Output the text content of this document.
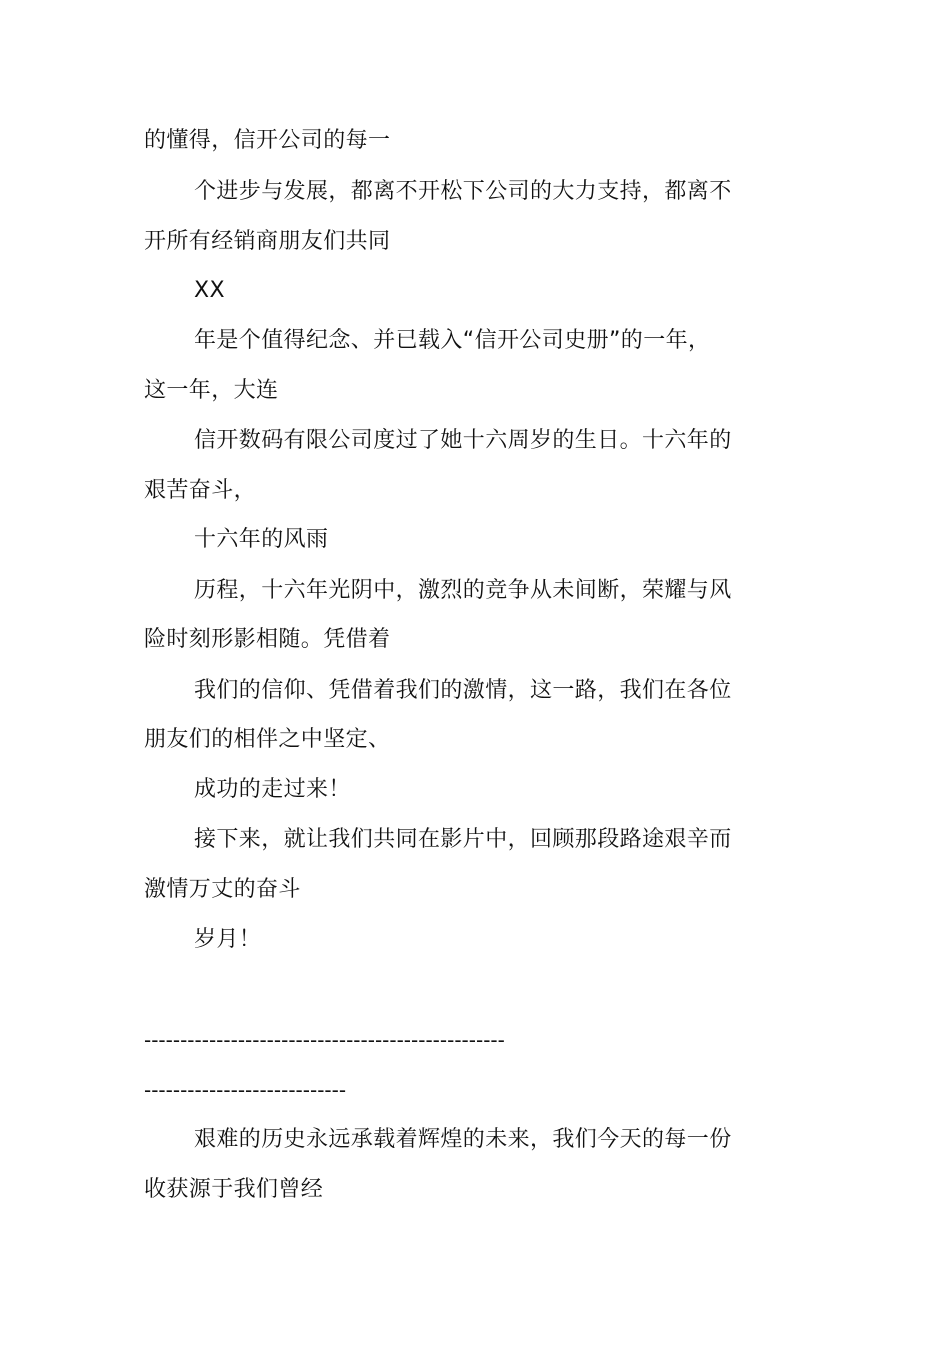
的懂得，信开公司的每一
个进步与发展，都离不开松下公司的大力支持，都离不
开所有经销商朋友们共同
XX
年是个值得纪念、并已载入“信开公司史册”的一年，
这一年，大连
信开数码有限公司度过了她十六周岁的生日。十六年的
艰苦奋斗，
十六年的风雨
历程，十六年光阴中，激烈的竞争从未间断，荣耀与风
险时刻形影相随。凭借着
我们的信仰、凭借着我们的激情，这一路，我们在各位
朋友们的相伴之中坚定、
成功的走过来！
接下来，就让我们共同在影片中，回顾那段路途艰辛而
激情万丈的奋斗
岁月！
--------------------------------------------------
----------------------------
艰难的历史永远承载着辉煌的未来，我们今天的每一份
收获源于我们曾经
